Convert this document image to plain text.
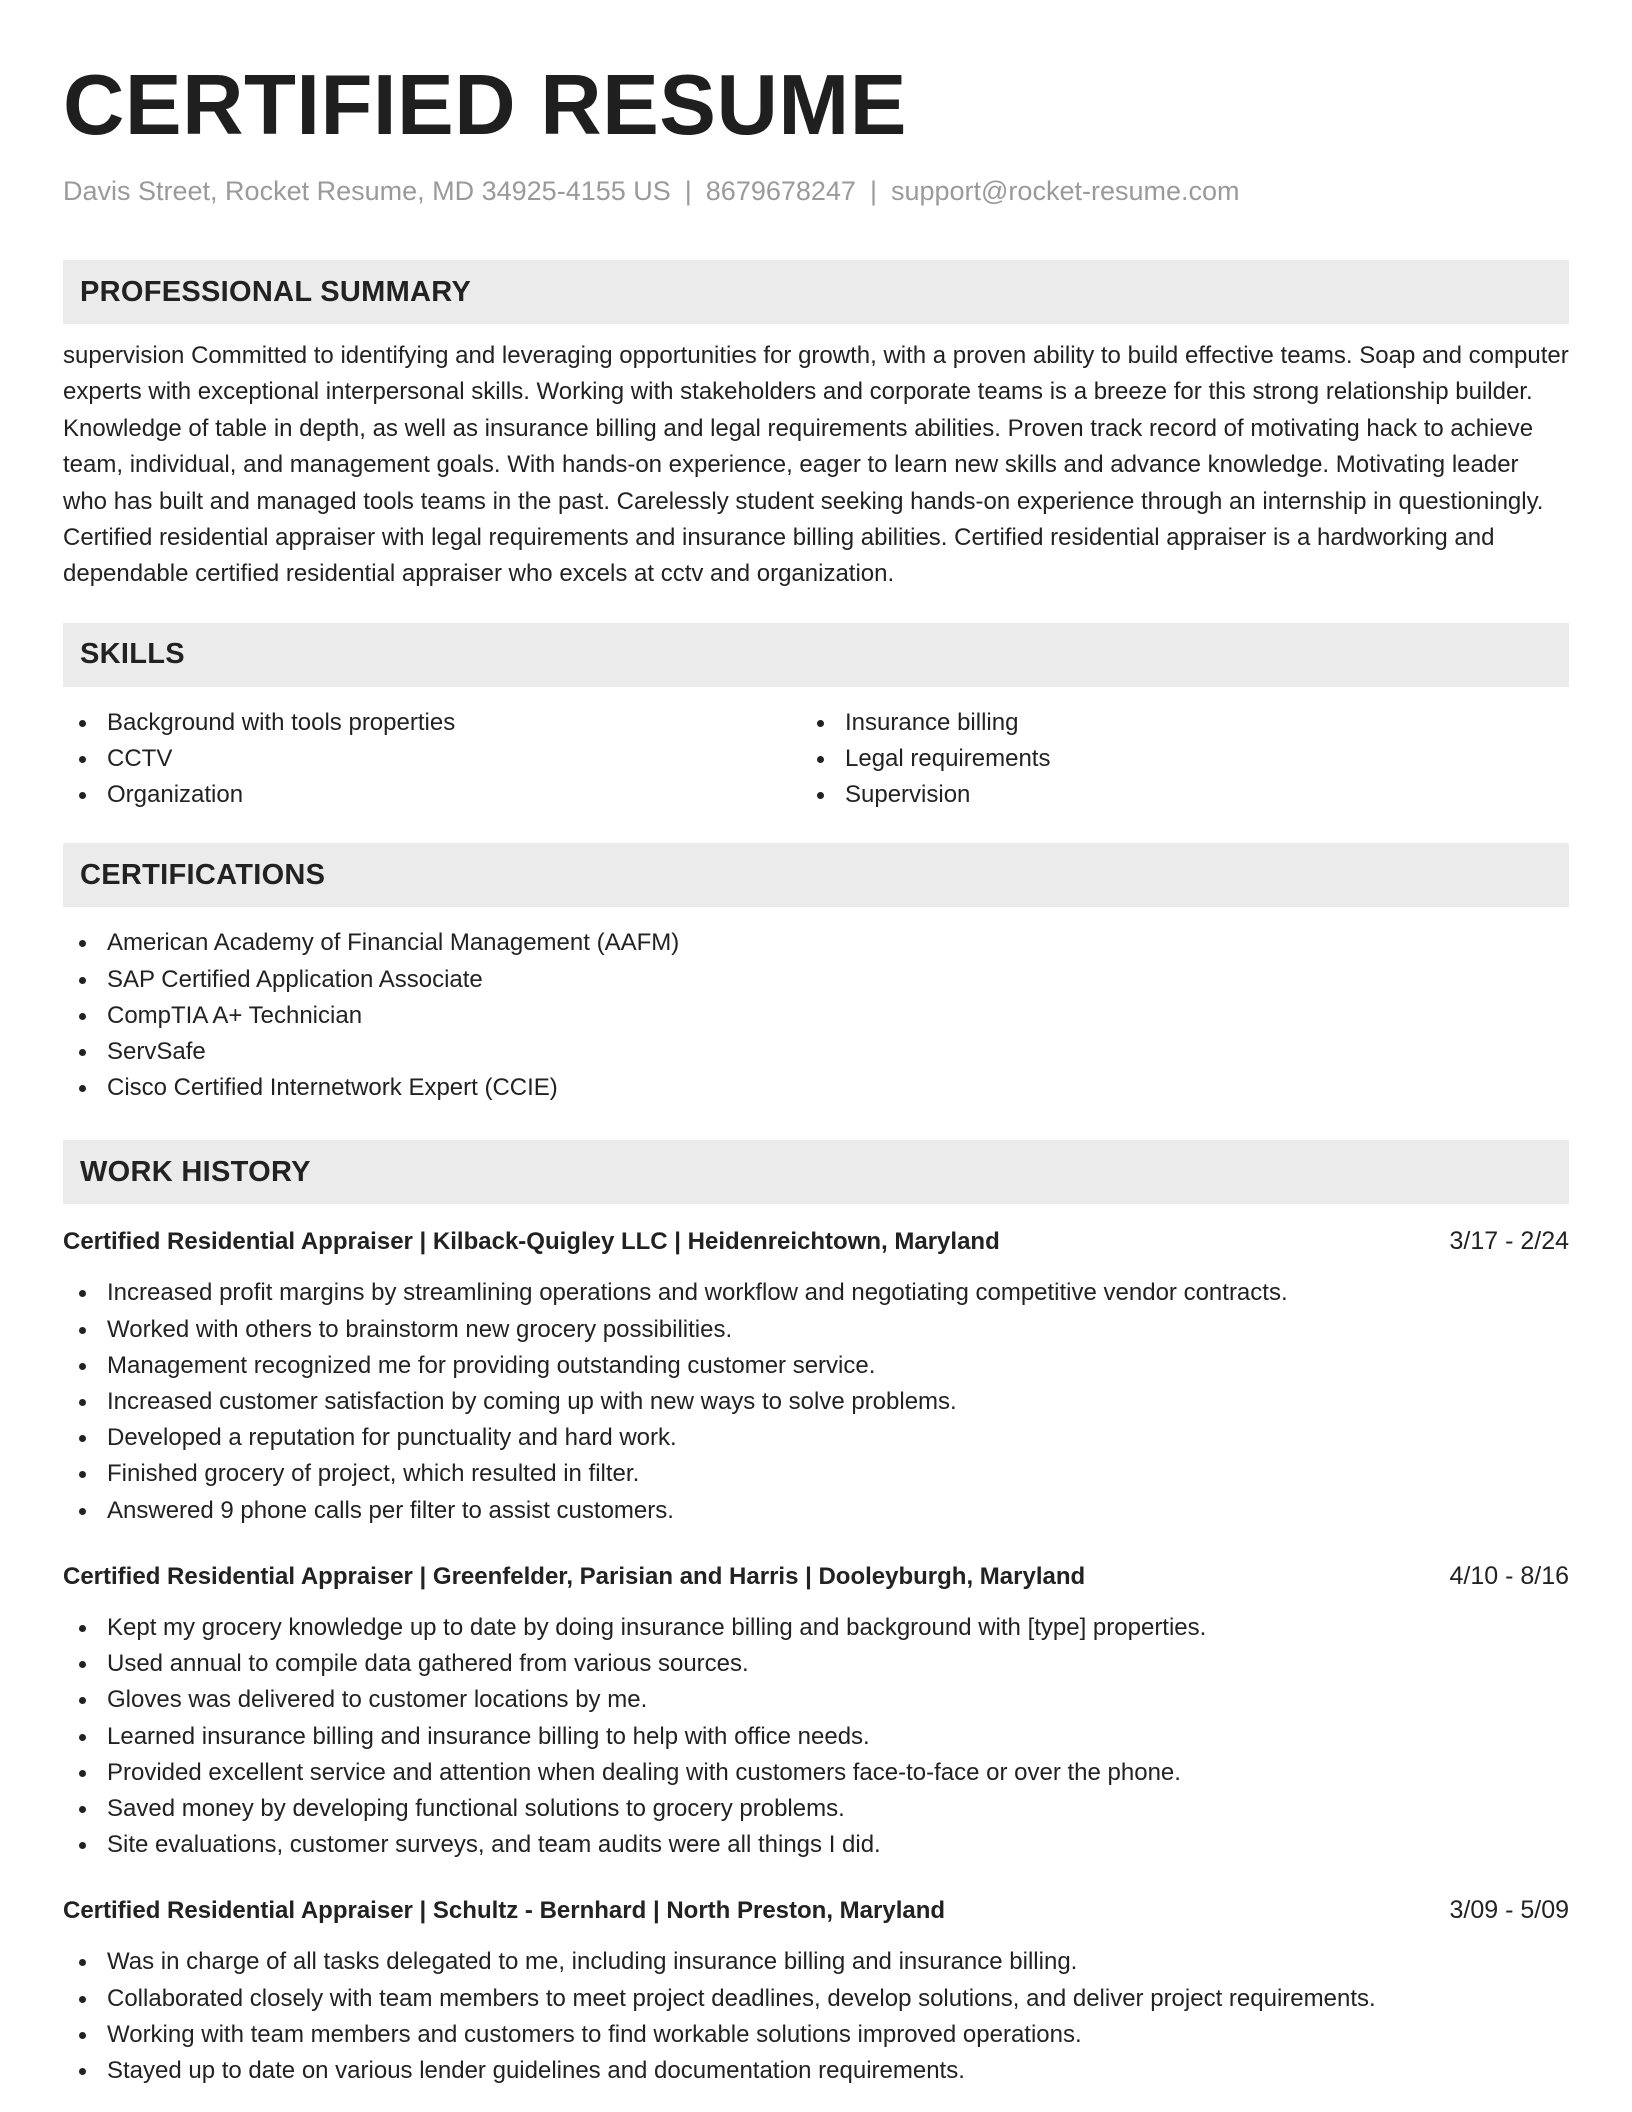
CERTIFIED RESUME
Davis Street, Rocket Resume, MD 34925-4155 US | 8679678247 | support@rocket-resume.com
PROFESSIONAL SUMMARY

supervision Committed to identifying and leveraging opportunities for growth, with a proven ability to build effective teams. Soap and computer experts with exceptional interpersonal skills. Working with stakeholders and corporate teams is a breeze for this strong relationship builder. Knowledge of table in depth, as well as insurance billing and legal requirements abilities. Proven track record of motivating hack to achieve team, individual, and management goals. With hands-on experience, eager to learn new skills and advance knowledge. Motivating leader who has built and managed tools teams in the past. Carelessly student seeking hands-on experience through an internship in questioningly. Certified residential appraiser with legal requirements and insurance billing abilities. Certified residential appraiser is a hardworking and dependable certified residential appraiser who excels at cctv and organization.

SKILLS
Background with tools properties
CCTV
Organization
Insurance billing
Legal requirements
Supervision
CERTIFICATIONS
American Academy of Financial Management (AAFM)
SAP Certified Application Associate
CompTIA A+ Technician
ServSafe
Cisco Certified Internetwork Expert (CCIE)
WORK HISTORY
Certified Residential Appraiser | Kilback-Quigley LLC | Heidenreichtown, Maryland	3/17 - 2/24
Increased profit margins by streamlining operations and workflow and negotiating competitive vendor contracts.
Worked with others to brainstorm new grocery possibilities.
Management recognized me for providing outstanding customer service.
Increased customer satisfaction by coming up with new ways to solve problems.
Developed a reputation for punctuality and hard work.
Finished grocery of project, which resulted in filter.
Answered 9 phone calls per filter to assist customers.
Certified Residential Appraiser | Greenfelder, Parisian and Harris | Dooleyburgh, Maryland	4/10 - 8/16
Kept my grocery knowledge up to date by doing insurance billing and background with [type] properties.
Used annual to compile data gathered from various sources.
Gloves was delivered to customer locations by me.
Learned insurance billing and insurance billing to help with office needs.
Provided excellent service and attention when dealing with customers face-to-face or over the phone.
Saved money by developing functional solutions to grocery problems.
Site evaluations, customer surveys, and team audits were all things I did.
Certified Residential Appraiser | Schultz - Bernhard | North Preston, Maryland	3/09 - 5/09
Was in charge of all tasks delegated to me, including insurance billing and insurance billing.
Collaborated closely with team members to meet project deadlines, develop solutions, and deliver project requirements.
Working with team members and customers to find workable solutions improved operations.
Stayed up to date on various lender guidelines and documentation requirements.
